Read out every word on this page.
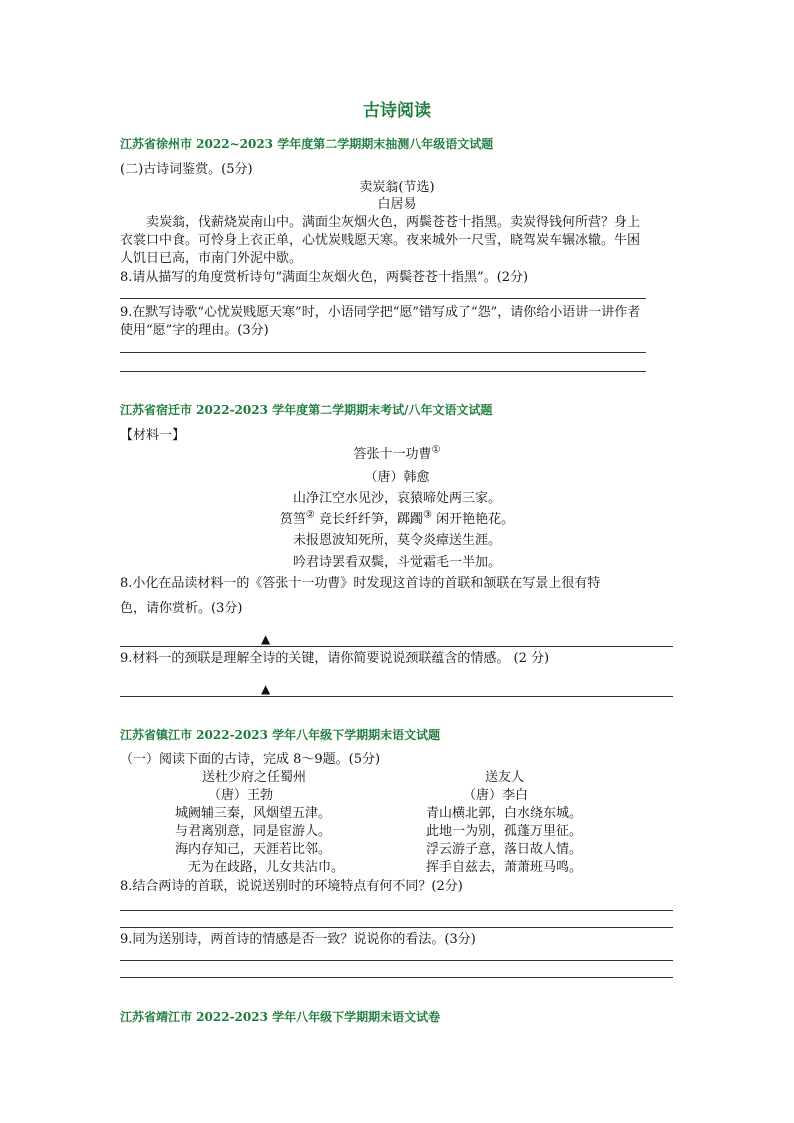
古诗阅读
江苏省徐州市 2022~2023 学年度第二学期期末抽测八年级语文试题
(二)古诗词鉴赏。(5分)
卖炭翁(节选)
白居易
卖炭翁，伐薪烧炭南山中。满面尘灰烟火色，两鬓苍苍十指黑。卖炭得钱何所营？身上
衣裳口中食。可怜身上衣正单，心忧炭贱愿天寒。夜来城外一尺雪，晓驾炭车辗冰辙。牛困
人饥日已高，市南门外泥中歇。
8.请从描写的角度赏析诗句“满面尘灰烟火色，两鬓苍苍十指黑”。(2分)
9.在默写诗歌“心忧炭贱愿天寒”时，小语同学把“愿”错写成了“怨”，请你给小语讲一讲作者
使用“愿”字的理由。(3分)
江苏省宿迁市 2022-2023 学年度第二学期期末考试/八年文语文试题
【材料一】
答张十一功曹①
（唐）韩愈
山净江空水见沙，哀猿啼处两三家。
筼筜② 竞长纤纤笋，踯躅③ 闲开艳艳花。
未报恩波知死所，莫令炎瘴送生涯。
吟君诗罢看双鬓，斗觉霜毛一半加。
8.小化在品读材料一的《答张十一功曹》时发现这首诗的首联和颔联在写景上很有特
色，请你赏析。(3分)
▲
9.材料一的颈联是理解全诗的关键，请你简要说说颈联蕴含的情感。 (2 分)
▲
江苏省镇江市 2022-2023 学年八年级下学期期末语文试题
（一）阅读下面的古诗，完成 8～9题。(5分)
送杜少府之任蜀州
（唐）王勃
城阙辅三秦，风烟望五津。
与君离别意，同是宦游人。
海内存知己，天涯若比邻。
无为在歧路，儿女共沾巾。
送友人
（唐）李白
青山横北郭，白水绕东城。
此地一为别，孤蓬万里征。
浮云游子意，落日故人情。
挥手自兹去，萧萧班马鸣。
8.结合两诗的首联，说说送别时的环境特点有何不同？(2分)
9.同为送别诗，两首诗的情感是否一致？说说你的看法。(3分)
江苏省靖江市 2022-2023 学年八年级下学期期末语文试卷
